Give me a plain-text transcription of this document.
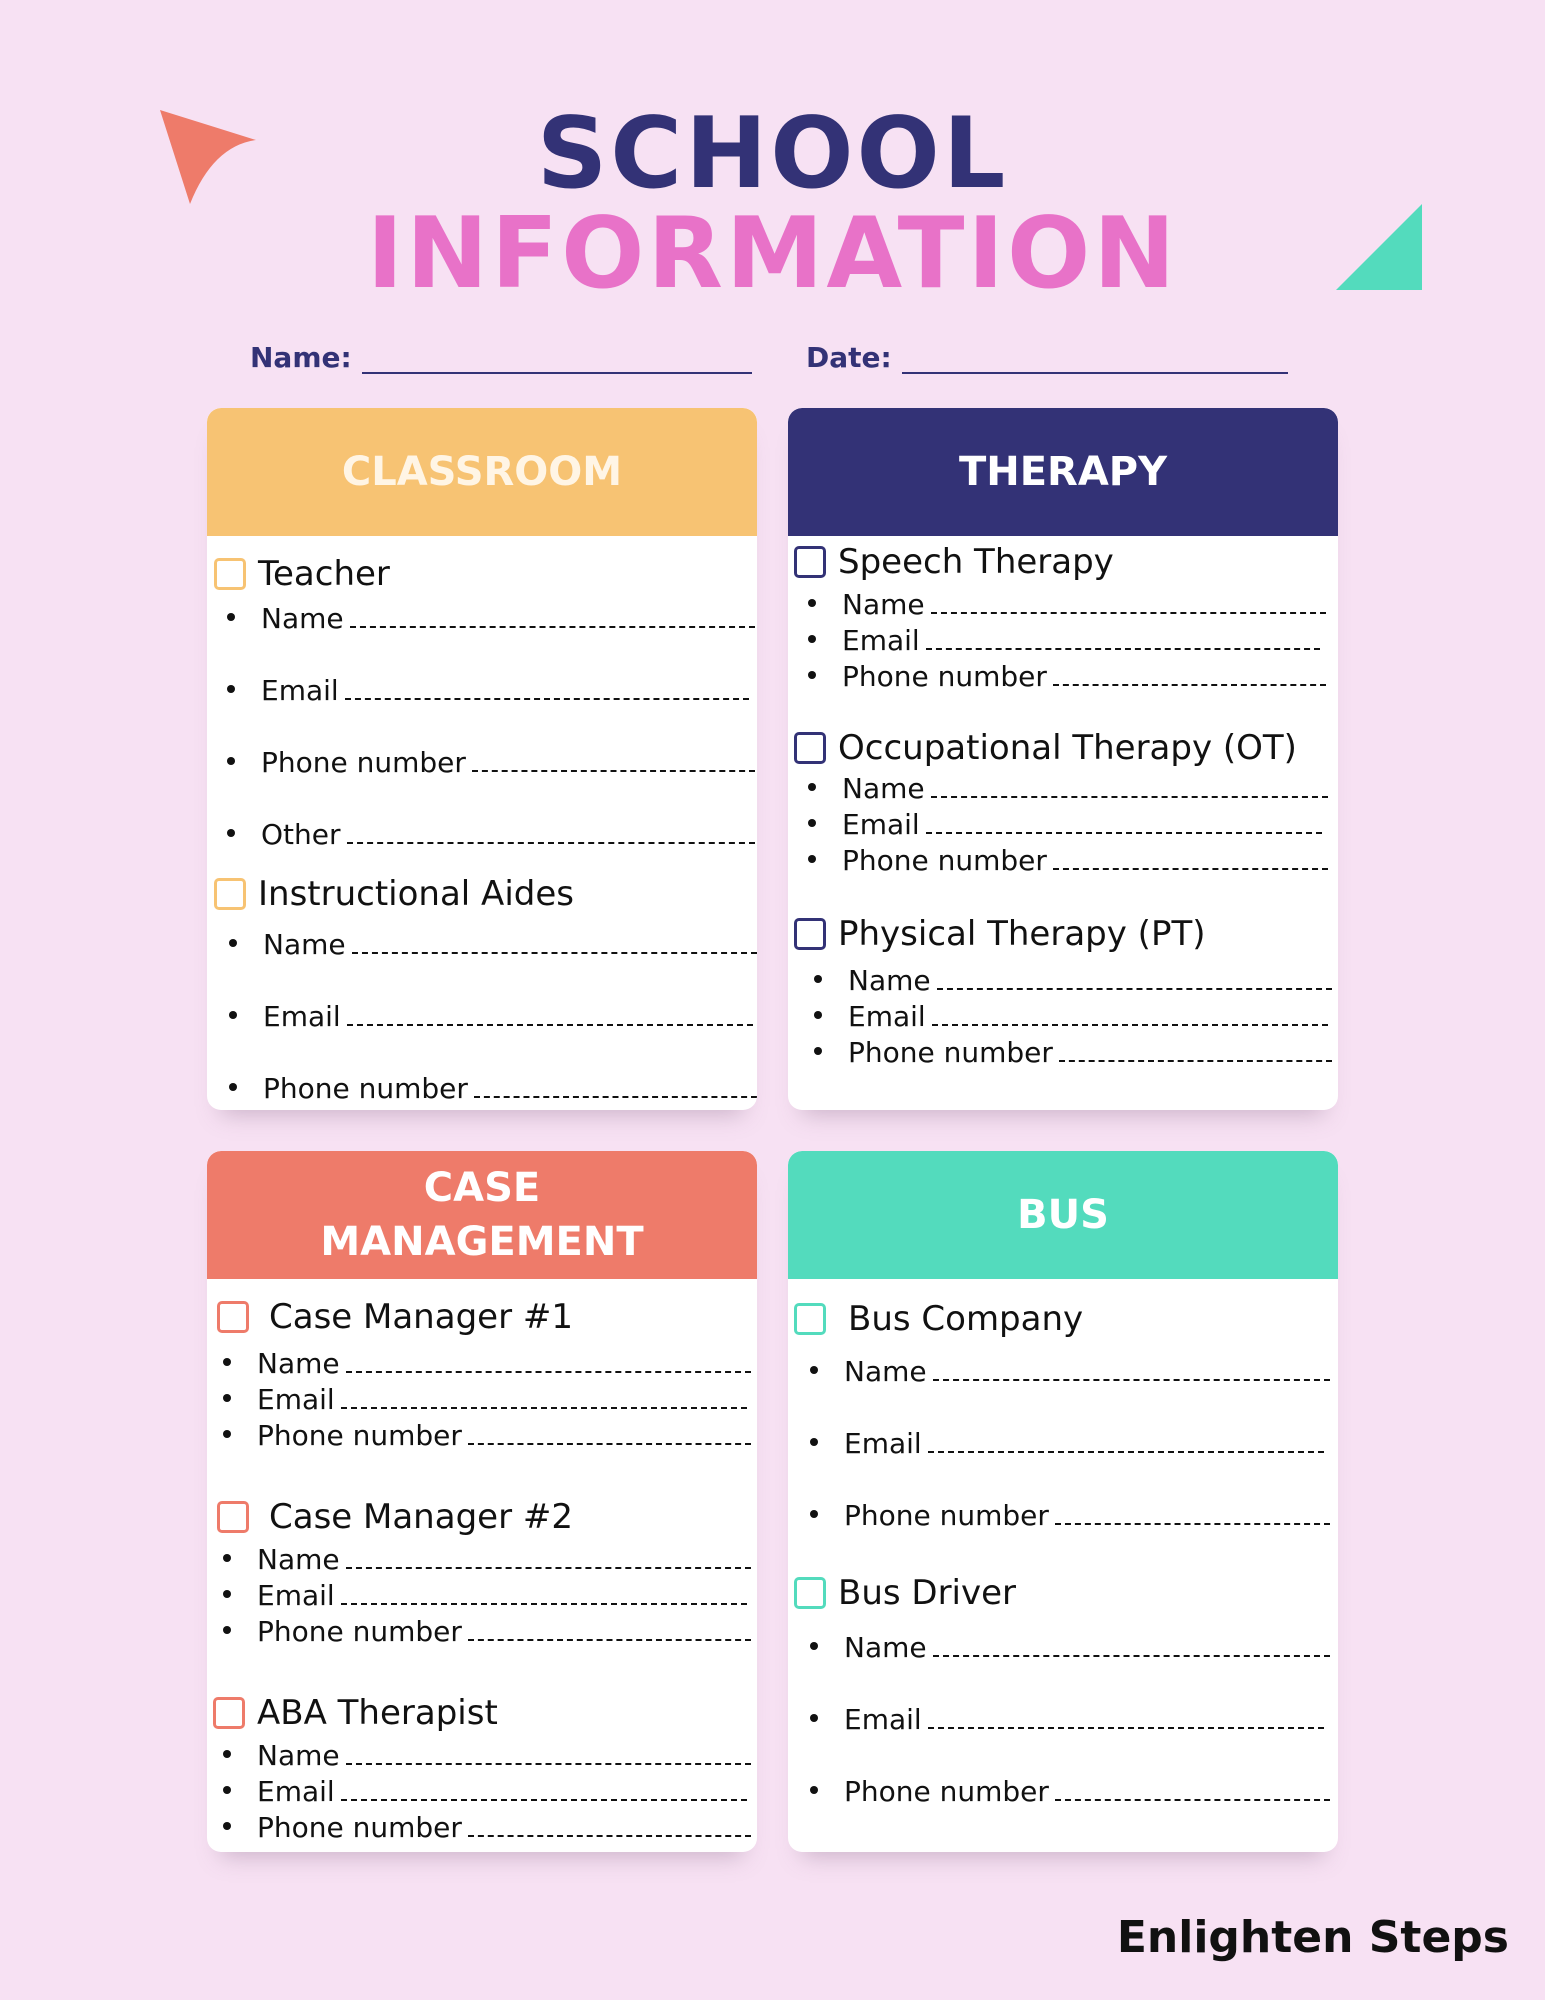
SCHOOL
INFORMATION
Name:	Date:
CLASSROOM
Teacher
Name
Email
Phone number
Other
Instructional Aides
Name
Email
Phone number
THERAPY
Speech Therapy
Name
Email
Phone number
Occupational Therapy (OT)
Name
Email
Phone number
Physical Therapy (PT)
Name
Email
Phone number
CASE
MANAGEMENT
Case Manager #1
Name
Email
Phone number
Case Manager #2
Name
Email
Phone number
ABA Therapist
Name
Email
Phone number
BUS
Bus Company
Name
Email
Phone number
Bus Driver
Name
Email
Phone number
Enlighten Steps
